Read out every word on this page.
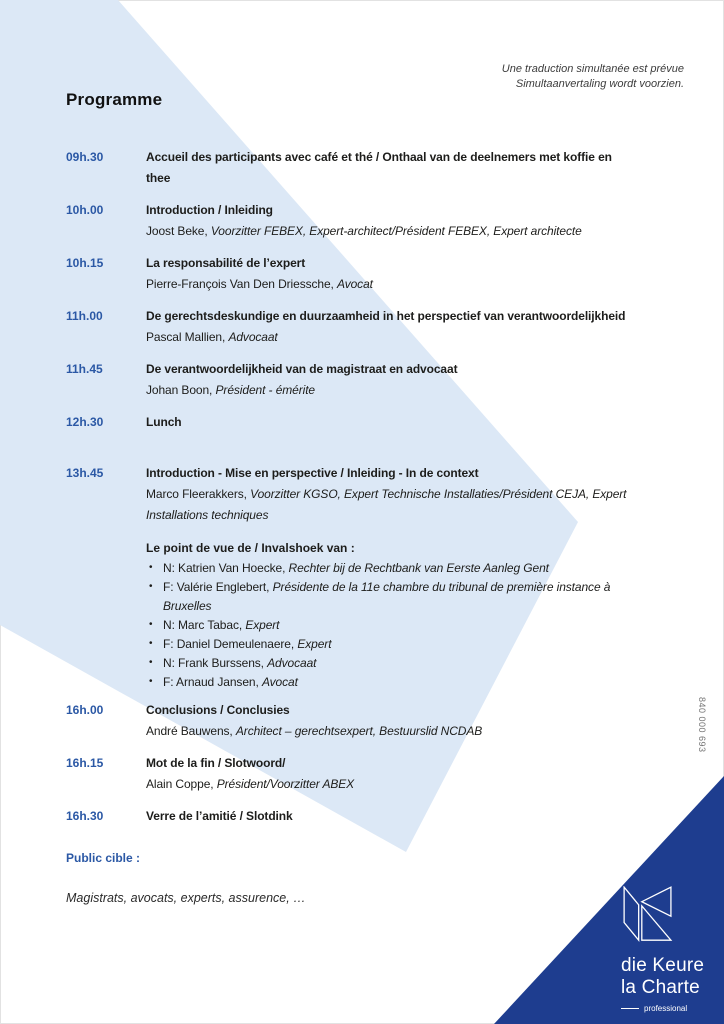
Une traduction simultanée est prévue
Simultaanvertaling wordt voorzien.
Programme
09h.30	Accueil des participants avec café et thé / Onthaal van de deelnemers met koffie en
thee
10h.00	Introduction / Inleiding
Joost Beke, Voorzitter FEBEX, Expert-architect/Président FEBEX, Expert architecte
10h.15	La responsabilité de l’expert
Pierre-François Van Den Driessche, Avocat
11h.00	De gerechtsdeskundige en duurzaamheid in het perspectief van verantwoordelijkheid
Pascal Mallien, Advocaat
11h.45	De verantwoordelijkheid van de magistraat en advocaat
Johan Boon, Président - émérite
12h.30	Lunch
13h.45	Introduction - Mise en perspective / Inleiding - In de context
Marco Fleerakkers, Voorzitter KGSO, Expert Technische Installaties/Président CEJA, Expert
Installations techniques
Le point de vue de / Invalshoek van :
• N: Katrien Van Hoecke, Rechter bij de Rechtbank van Eerste Aanleg Gent
• F: Valérie Englebert, Présidente de la 11e chambre du tribunal de première instance à
Bruxelles
• N: Marc Tabac, Expert
• F: Daniel Demeulenaere, Expert
• N: Frank Burssens, Advocaat
• F: Arnaud Jansen, Avocat
16h.00	Conclusions / Conclusies
André Bauwens, Architect – gerechtsexpert, Bestuurslid NCDAB
16h.15	Mot de la fin / Slotwoord/
Alain Coppe, Président/Voorzitter ABEX
16h.30	Verre de l’amitié / Slotdink
Public cible :
Magistrats, avocats, experts, assurence, …
840 000 693
die Keure
la Charte
professional
